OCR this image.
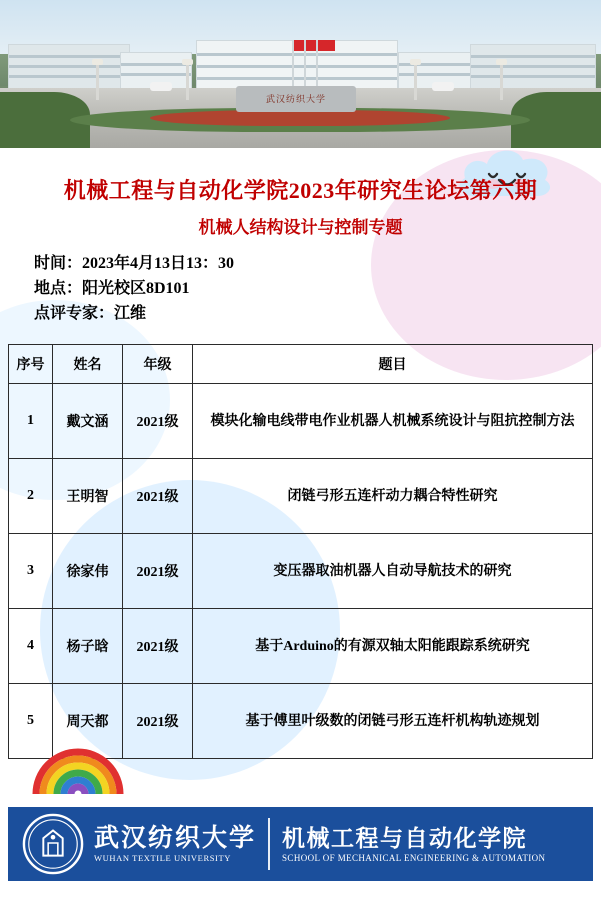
武汉纺织大学
机械工程与自动化学院2023年研究生论坛第六期
机械人结构设计与控制专题
时间：2023年4月13日13：30
地点：阳光校区8D101
点评专家：江维
序号	姓名	年级	题目
1	戴文涵	2021级	模块化输电线带电作业机器人机械系统设计与阻抗控制方法
2	王明智	2021级	闭链弓形五连杆动力耦合特性研究
3	徐家伟	2021级	变压器取油机器人自动导航技术的研究
4	杨子晗	2021级	基于Arduino的有源双轴太阳能跟踪系统研究
5	周天都	2021级	基于傅里叶级数的闭链弓形五连杆机构轨迹规划
武汉纺织大学
WUHAN TEXTILE UNIVERSITY
机械工程与自动化学院
SCHOOL OF MECHANICAL ENGINEERING & AUTOMATION
